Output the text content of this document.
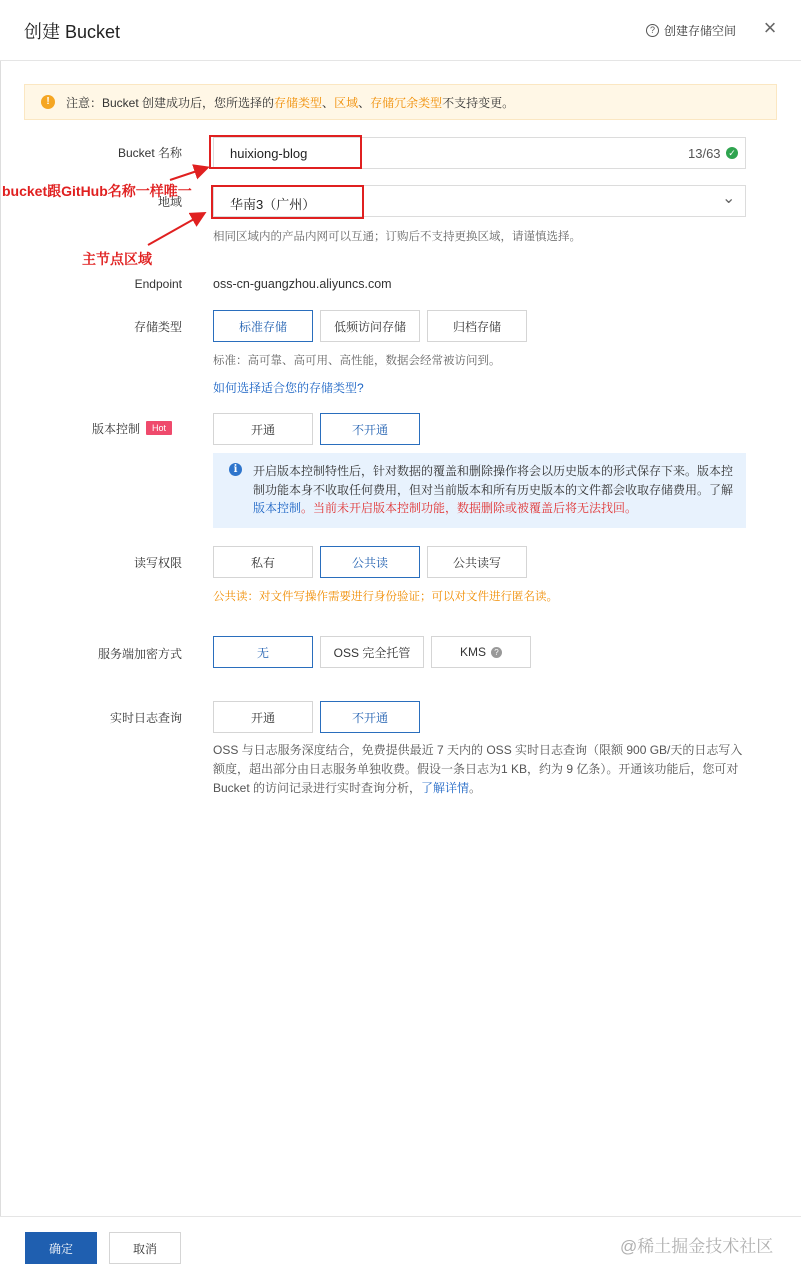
创建 Bucket	? 创建存储空间 ×
!	注意：Bucket 创建成功后，您所选择的 存储类型 、 区域 、 存储冗余类型 不支持变更。
Bucket 名称	huixiong-blog	13/63 ✓
地域	华南3（广州）	⌄
相同区域内的产品内网可以互通；订购后不支持更换区域，请谨慎选择。
bucket跟GitHub名称一样唯一
主节点区域
Endpoint oss-cn-guangzhou.aliyuncs.com
存储类型	标准存储	低频访问存储	归档存储
标准：高可靠、高可用、高性能，数据会经常被访问到。
如何选择适合您的存储类型?
版本控制	Hot	开通	不开通
开启版本控制特性后，针对数据的覆盖和删除操作将会以历史版本的形式保存下来。版本控制功能本身不收取任何费用，但对当前版本和所有历史版本的文件都会收取存储费用。了解 版本控制。当前未开启版本控制功能，数据删除或被覆盖后将无法找回。
i
读写权限	私有	公共读	公共读写
公共读：对文件写操作需要进行身份验证；可以对文件进行匿名读。
服务端加密方式	无	OSS 完全托管	KMS	?
实时日志查询	开通	不开通
OSS 与日志服务深度结合，免费提供最近 7 天内的 OSS 实时日志查询（限额 900 GB/天的日志写入额度，超出部分由日志服务单独收费。假设一条日志为1 KB，约为 9 亿条）。开通该功能后，您可对 Bucket 的访问记录进行实时查询分析，了解详情。
确定	取消	@稀土掘金技术社区
